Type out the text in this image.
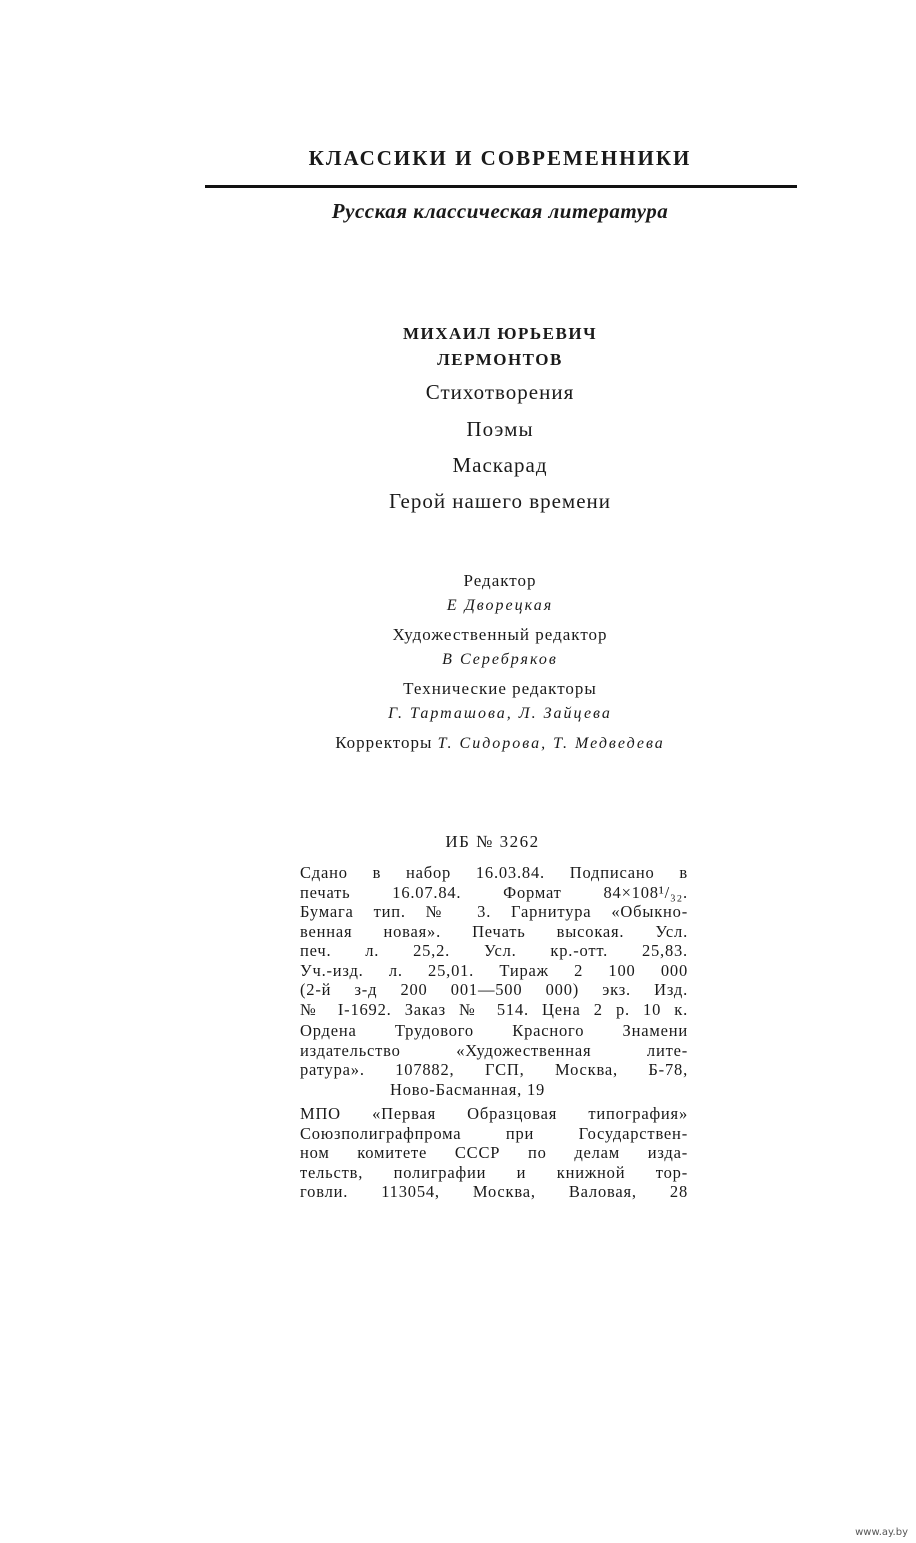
КЛАССИКИ И СОВРЕМЕННИКИ
Русская классическая литература
МИХАИЛ ЮРЬЕВИЧ
ЛЕРМОНТОВ
Стихотворения
Поэмы
Маскарад
Герой нашего времени
Редактор
Е Дворецкая
Художественный редактор
В Серебряков
Технические редакторы
Г. Тарташова, Л. Зайцева
Корректоры Т. Сидорова, Т. Медведева
ИБ № 3262
Сдано в набор 16.03.84. Подписано в
печать 16.07.84. Формат 84×108¹/₃₂.
Бумага тип. № 3. Гарнитура «Обыкно-
венная новая». Печать высокая. Усл.
печ. л. 25,2. Усл. кр.-отт. 25,83.
Уч.-изд. л. 25,01. Тираж 2 100 000
(2-й з-д 200 001—500 000) экз. Изд.
№ I-1692. Заказ № 514. Цена 2 р. 10 к.
Ордена Трудового Красного Знамени
издательство «Художественная лите-
ратура». 107882, ГСП, Москва, Б-78,
Ново-Басманная, 19
МПО «Первая Образцовая типография»
Союзполиграфпрома при Государствен-
ном комитете СССР по делам изда-
тельств, полиграфии и книжной тор-
говли. 113054, Москва, Валовая, 28
www.ay.by
